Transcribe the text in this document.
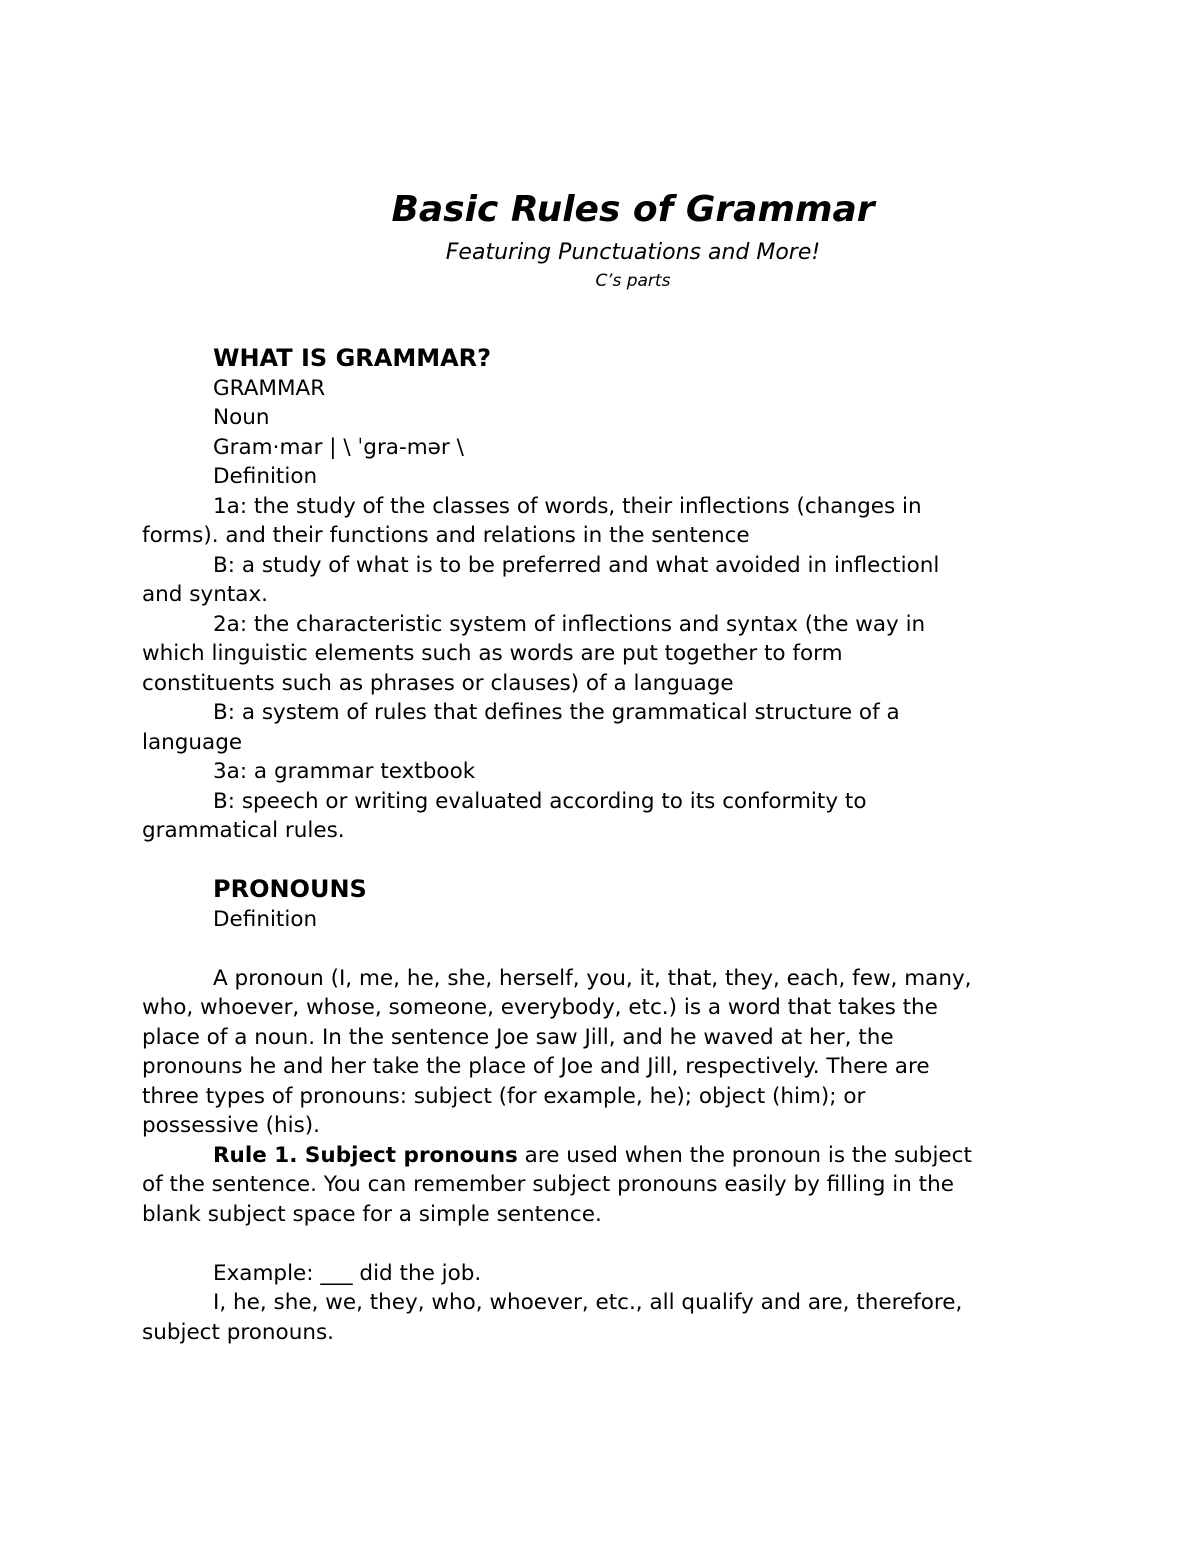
Basic Rules of Grammar
Featuring Punctuations and More!
C’s parts
WHAT IS GRAMMAR?
GRAMMAR
Noun
Gram·mar | \ ˈgra-mər \
Definition
1a: the study of the classes of words, their inflections (changes in
forms). and their functions and relations in the sentence
B: a study of what is to be preferred and what avoided in inflectionl
and syntax.
2a: the characteristic system of inflections and syntax (the way in
which linguistic elements such as words are put together to form
constituents such as phrases or clauses) of a language
B: a system of rules that defines the grammatical structure of a
language
3a: a grammar textbook
B: speech or writing evaluated according to its conformity to
grammatical rules.
PRONOUNS
Definition
A pronoun (I, me, he, she, herself, you, it, that, they, each, few, many,
who, whoever, whose, someone, everybody, etc.) is a word that takes the
place of a noun. In the sentence Joe saw Jill, and he waved at her, the
pronouns he and her take the place of Joe and Jill, respectively. There are
three types of pronouns: subject (for example, he); object (him); or
possessive (his).
Rule 1. Subject pronouns are used when the pronoun is the subject
of the sentence. You can remember subject pronouns easily by filling in the
blank subject space for a simple sentence.
Example: ___ did the job.
I, he, she, we, they, who, whoever, etc., all qualify and are, therefore,
subject pronouns.
